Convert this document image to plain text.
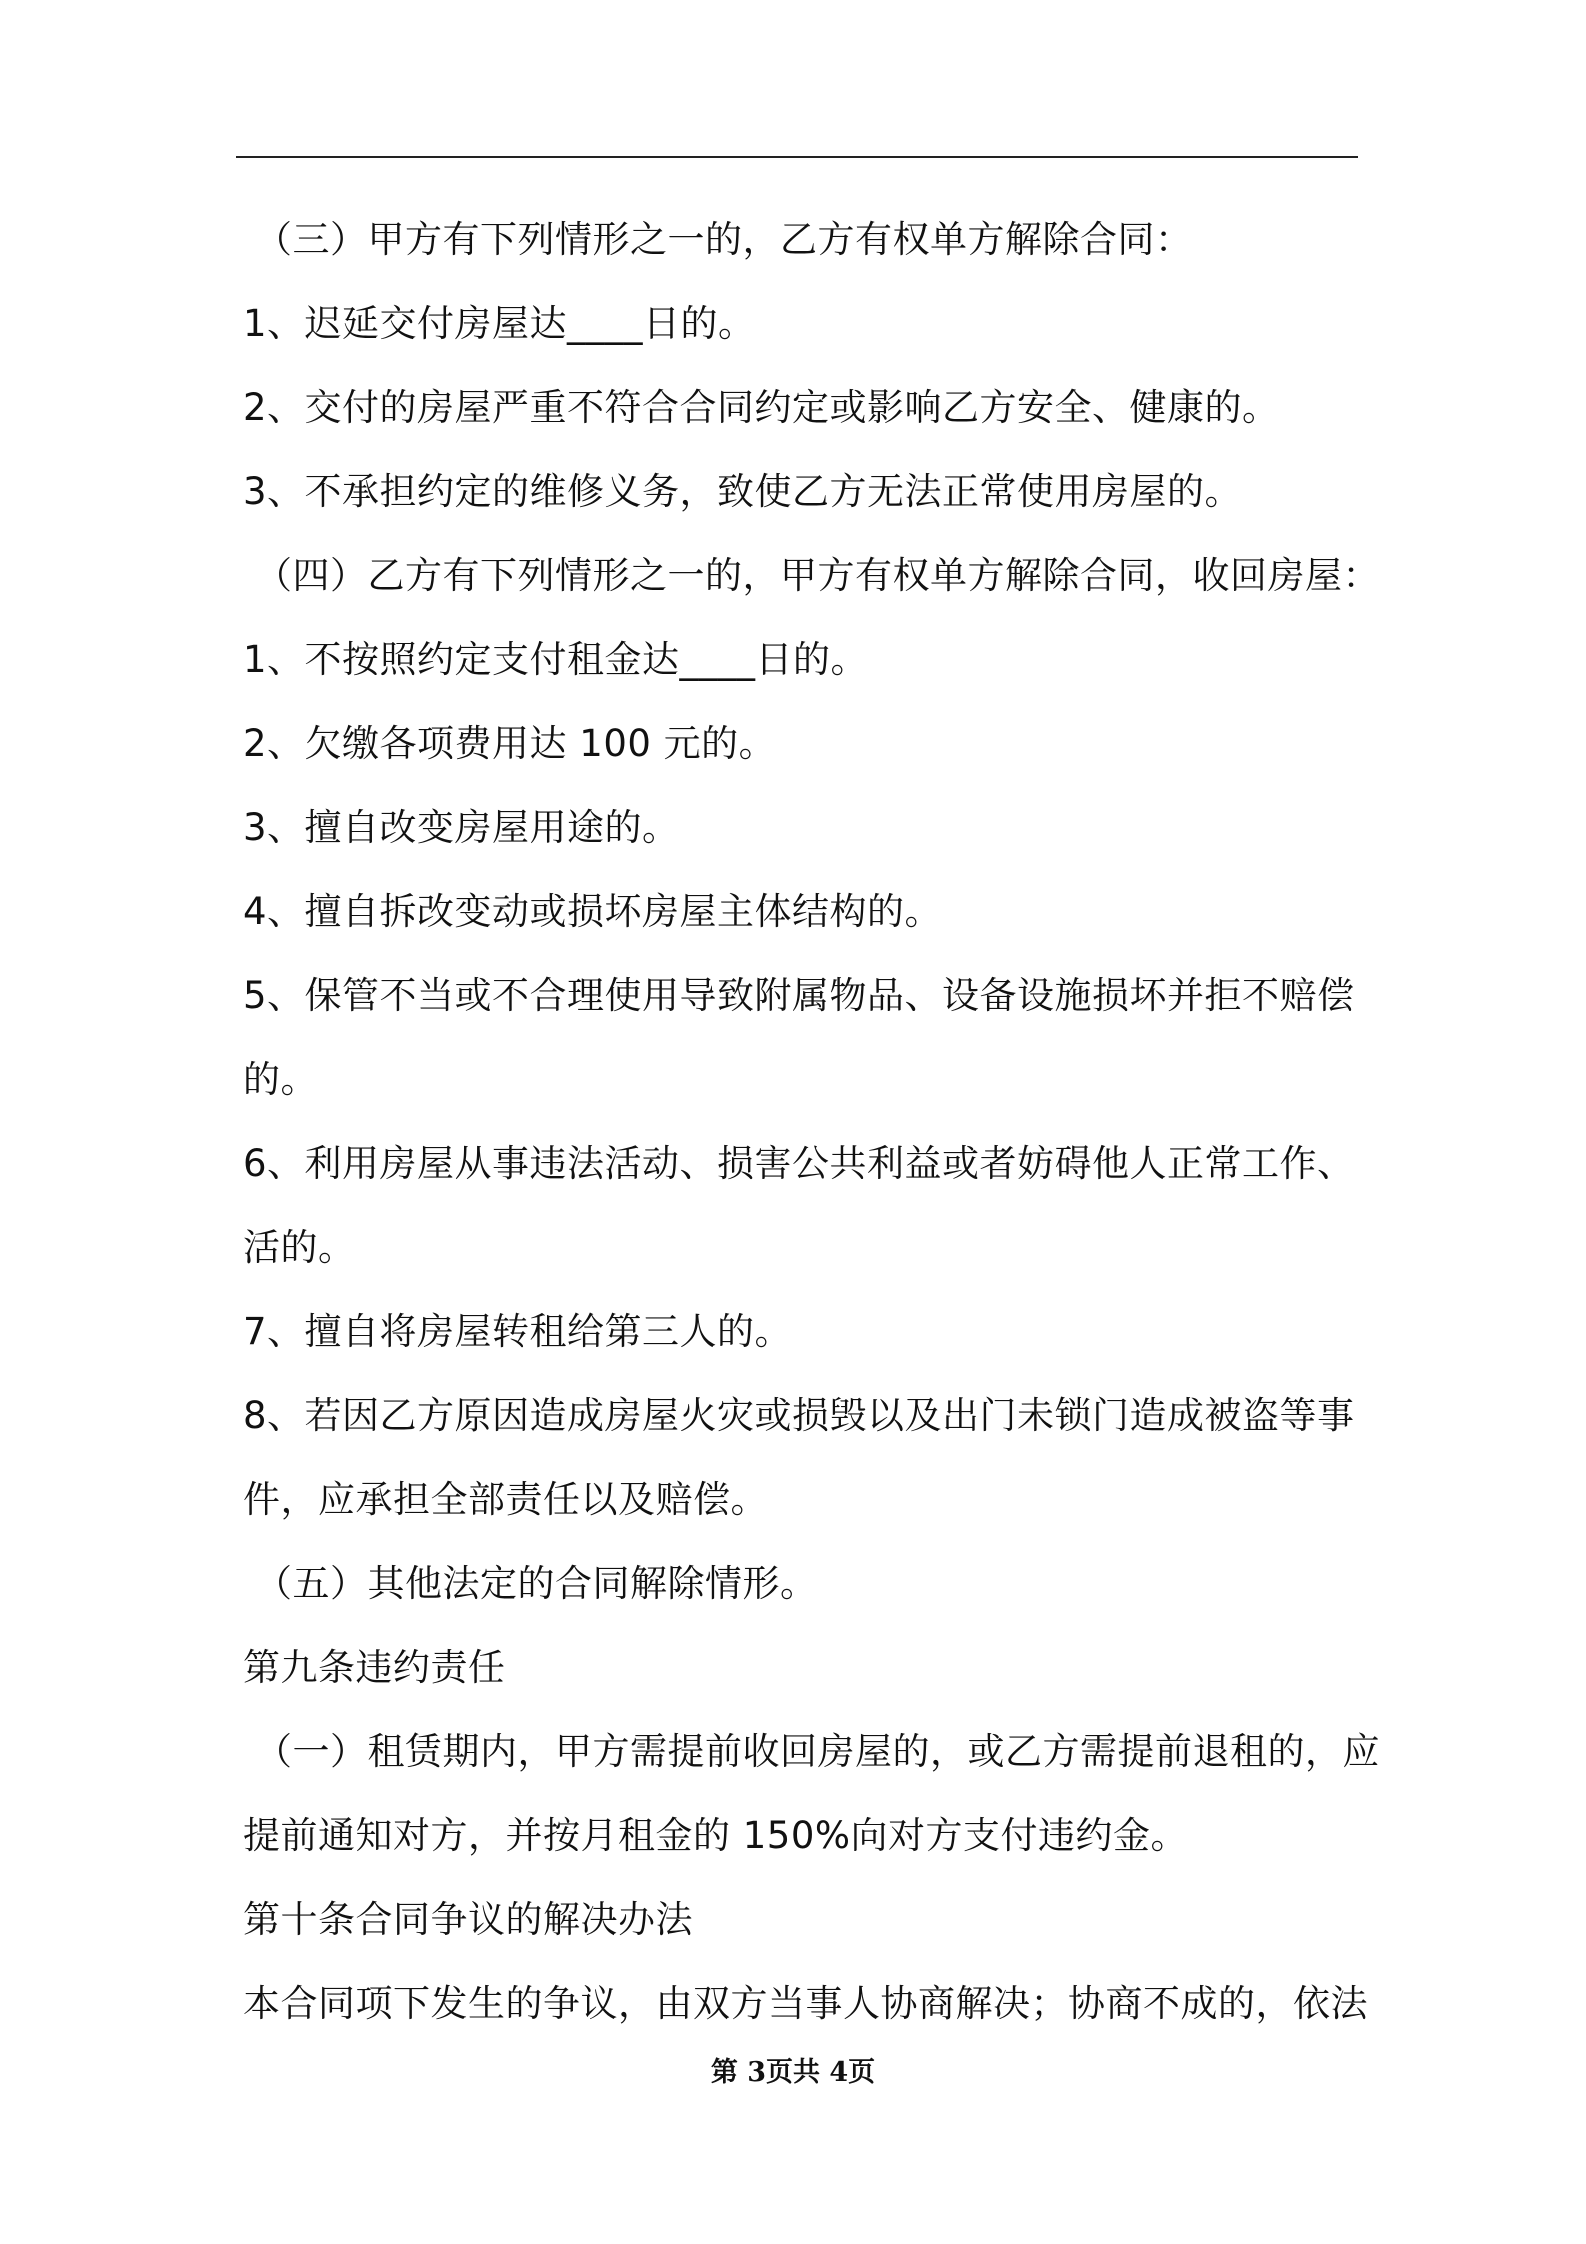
（三）甲方有下列情形之一的，乙方有权单方解除合同：
1、迟延交付房屋达____日的。
2、交付的房屋严重不符合合同约定或影响乙方安全、健康的。
3、不承担约定的维修义务，致使乙方无法正常使用房屋的。
（四）乙方有下列情形之一的，甲方有权单方解除合同，收回房屋：
1、不按照约定支付租金达____日的。
2、欠缴各项费用达 100 元的。
3、擅自改变房屋用途的。
4、擅自拆改变动或损坏房屋主体结构的。
5、保管不当或不合理使用导致附属物品、设备设施损坏并拒不赔偿
的。
6、利用房屋从事违法活动、损害公共利益或者妨碍他人正常工作、
活的。
7、擅自将房屋转租给第三人的。
8、若因乙方原因造成房屋火灾或损毁以及出门未锁门造成被盗等事
件，应承担全部责任以及赔偿。
（五）其他法定的合同解除情形。
第九条违约责任
（一）租赁期内，甲方需提前收回房屋的，或乙方需提前退租的，应
提前通知对方，并按月租金的 150%向对方支付违约金。
第十条合同争议的解决办法
本合同项下发生的争议，由双方当事人协商解决；协商不成的，依法
第 3页共 4页
